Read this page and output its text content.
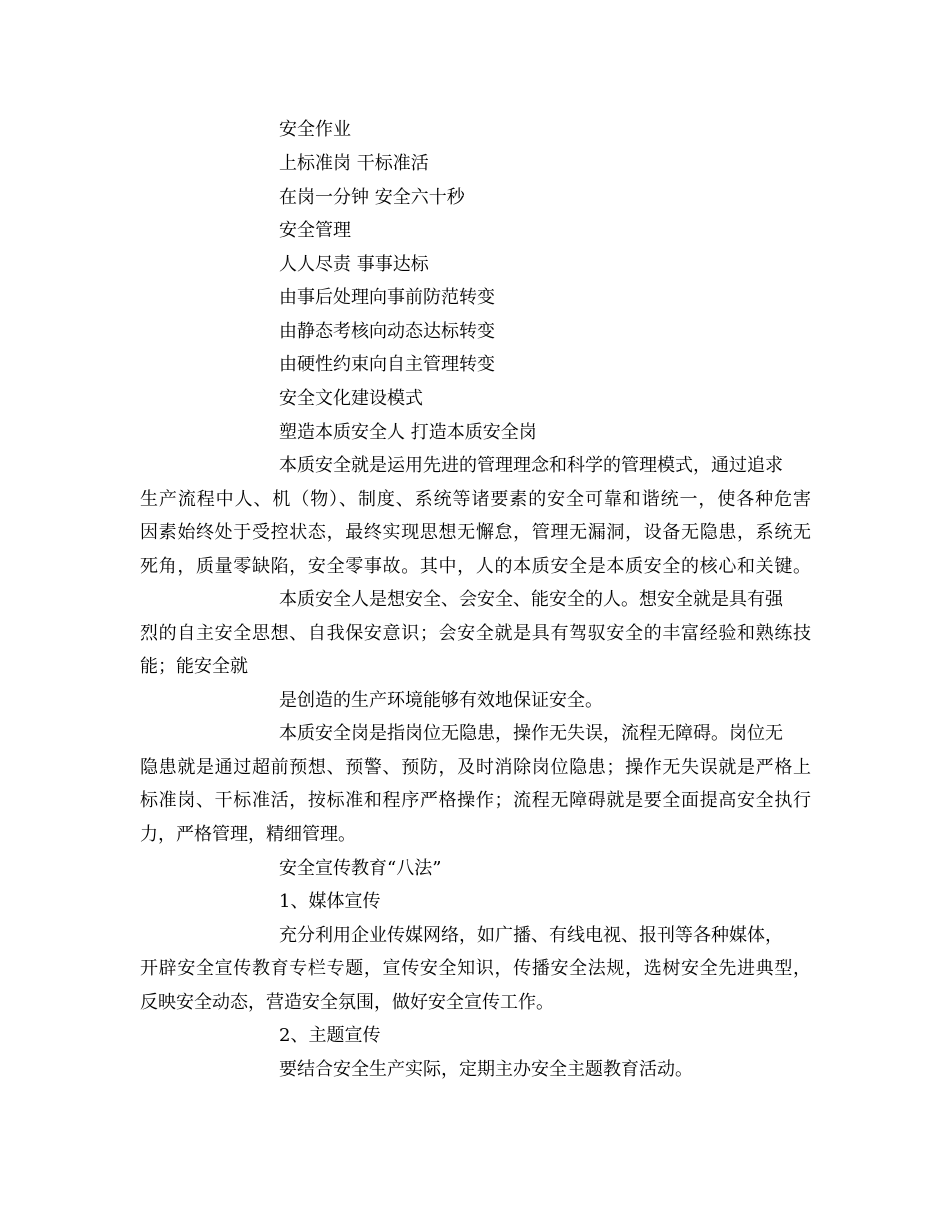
安全作业
上标准岗 干标准活
在岗一分钟 安全六十秒
安全管理
人人尽责 事事达标
由事后处理向事前防范转变
由静态考核向动态达标转变
由硬性约束向自主管理转变
安全文化建设模式
塑造本质安全人 打造本质安全岗
本质安全就是运用先进的管理理念和科学的管理模式，通过追求
生产流程中人、机（物）、制度、系统等诸要素的安全可靠和谐统一，使各种危害
因素始终处于受控状态，最终实现思想无懈怠，管理无漏洞，设备无隐患，系统无
死角，质量零缺陷，安全零事故。其中，人的本质安全是本质安全的核心和关键。
本质安全人是想安全、会安全、能安全的人。想安全就是具有强
烈的自主安全思想、自我保安意识；会安全就是具有驾驭安全的丰富经验和熟练技
能；能安全就
是创造的生产环境能够有效地保证安全。
本质安全岗是指岗位无隐患，操作无失误，流程无障碍。岗位无
隐患就是通过超前预想、预警、预防，及时消除岗位隐患；操作无失误就是严格上
标准岗、干标准活，按标准和程序严格操作；流程无障碍就是要全面提高安全执行
力，严格管理，精细管理。
安全宣传教育“八法”
1、媒体宣传
充分利用企业传媒网络，如广播、有线电视、报刊等各种媒体，
开辟安全宣传教育专栏专题，宣传安全知识，传播安全法规，选树安全先进典型，
反映安全动态，营造安全氛围，做好安全宣传工作。
2、主题宣传
要结合安全生产实际，定期主办安全主题教育活动。
